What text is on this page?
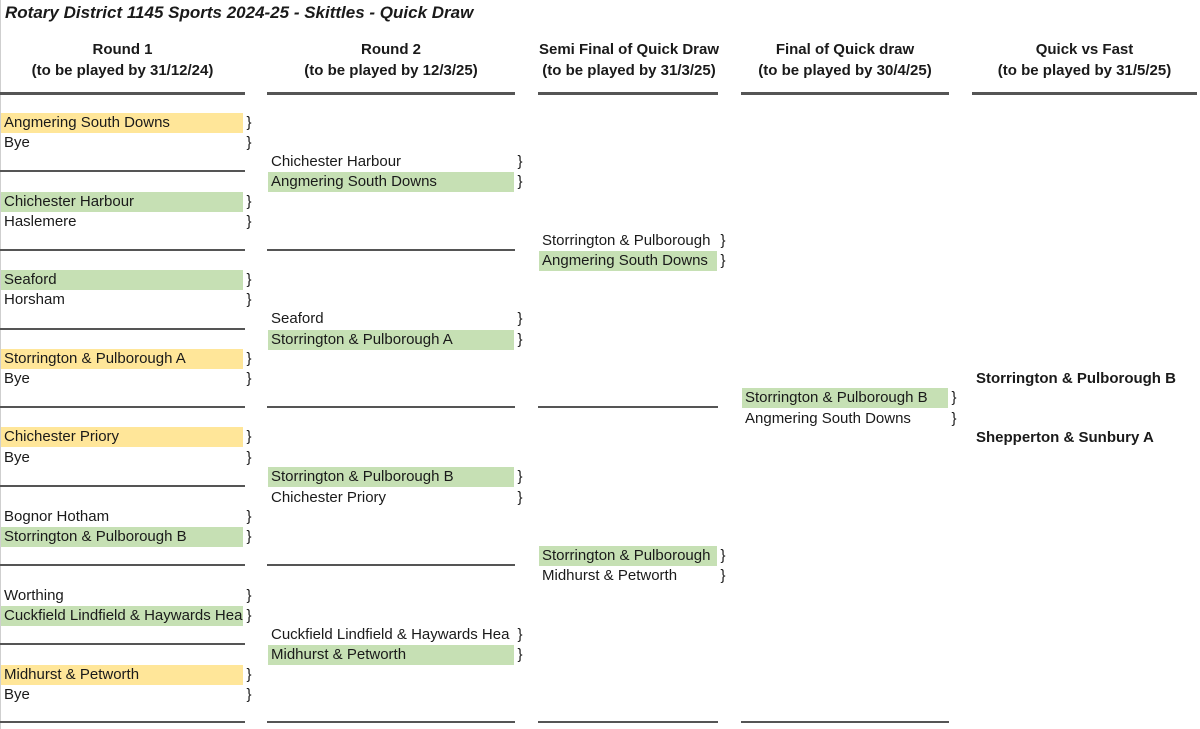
Rotary District 1145 Sports 2024-25 - Skittles - Quick Draw
Round 1
(to be played by 31/12/24)
Round 2
(to be played by 12/3/25)
Semi Final of Quick Draw
(to be played by 31/3/25)
Final of Quick draw
(to be played by 30/4/25)
Quick vs Fast
(to be played by 31/5/25)
Angmering South Downs	}
Bye	}
Chichester Harbour	}
Haslemere	}
Seaford	}
Horsham	}
Storrington & Pulborough A	}
Bye	}
Chichester Priory	}
Bye	}
Bognor Hotham	}
Storrington & Pulborough B	}
Worthing	}
Cuckfield Lindfield & Haywards Hea }
Midhurst & Petworth	}
Bye	}
Chichester Harbour	}
Angmering South Downs	}
Seaford	}
Storrington & Pulborough A	}
Storrington & Pulborough B	}
Chichester Priory	}
Cuckfield Lindfield & Haywards Hea }
Midhurst & Petworth	}
Storrington & Pulborough }
Angmering South Downs }
Storrington & Pulborough }
Midhurst & Petworth	}
Storrington & Pulborough B	}
Angmering South Downs	}
Storrington & Pulborough B
Shepperton & Sunbury A
